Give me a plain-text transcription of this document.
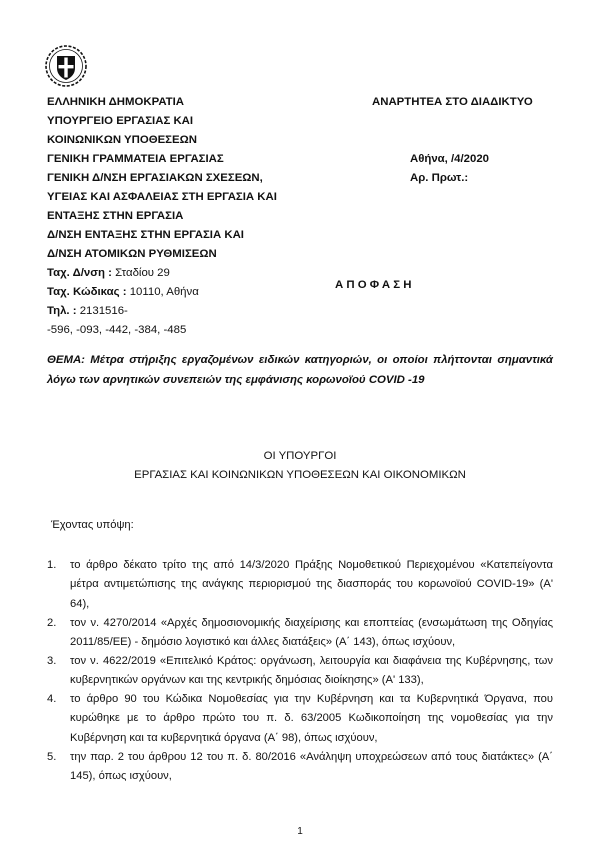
ΕΛΛΗΝΙΚΗ ΔΗΜΟΚΡΑΤΙΑ
ΥΠΟΥΡΓΕΙΟ ΕΡΓΑΣΙΑΣ ΚΑΙ
ΚΟΙΝΩΝΙΚΩΝ ΥΠΟΘΕΣΕΩΝ
ΓΕΝΙΚΗ ΓΡΑΜΜΑΤΕΙΑ ΕΡΓΑΣΙΑΣ
ΓΕΝΙΚΗ Δ/ΝΣΗ ΕΡΓΑΣΙΑΚΩΝ ΣΧΕΣΕΩΝ,
ΥΓΕΙΑΣ ΚΑΙ ΑΣΦΑΛΕΙΑΣ ΣΤΗ ΕΡΓΑΣΙΑ ΚΑΙ
ΕΝΤΑΞΗΣ ΣΤΗΝ ΕΡΓΑΣΙΑ
Δ/ΝΣΗ ΕΝΤΑΞΗΣ ΣΤΗΝ ΕΡΓΑΣΙΑ ΚΑΙ
Δ/ΝΣΗ ΑΤΟΜΙΚΩΝ ΡΥΘΜΙΣΕΩΝ
Ταχ. Δ/νση : Σταδίου 29
Ταχ. Κώδικας : 10110, Αθήνα
Τηλ. : 2131516-
-596, -093, -442, -384, -485
ΑΝΑΡΤΗΤΕΑ ΣΤΟ ΔΙΑΔΙΚΤΥΟ
Αθήνα, /4/2020
Αρ. Πρωτ.:
Α Π Ο Φ Α Σ Η
ΘΕΜΑ: Μέτρα στήριξης εργαζομένων ειδικών κατηγοριών, οι οποίοι πλήττονται σημαντικά λόγω των αρνητικών συνεπειών της εμφάνισης κορωνοϊού COVID -19
ΟΙ ΥΠΟΥΡΓΟΙ
ΕΡΓΑΣΙΑΣ ΚΑΙ ΚΟΙΝΩΝΙΚΩΝ ΥΠΟΘΕΣΕΩΝ ΚΑΙ ΟΙΚΟΝΟΜΙΚΩΝ
Έχοντας υπόψη:
1.	το άρθρο δέκατο τρίτο της από 14/3/2020 Πράξης Νομοθετικού Περιεχομένου «Κατεπείγοντα μέτρα αντιμετώπισης της ανάγκης περιορισμού της διασποράς του κορωνοϊού COVID-19» (Α' 64),
2.	τον ν. 4270/2014 «Αρχές δημοσιονομικής διαχείρισης και εποπτείας (ενσωμάτωση της Οδηγίας 2011/85/ΕΕ) - δημόσιο λογιστικό και άλλες διατάξεις» (Α΄ 143), όπως ισχύουν,
3.	τον ν. 4622/2019 «Επιτελικό Κράτος: οργάνωση, λειτουργία και διαφάνεια της Κυβέρνησης, των κυβερνητικών οργάνων και της κεντρικής δημόσιας διοίκησης» (Α' 133),
4.	το άρθρο 90 του Κώδικα Νομοθεσίας για την Κυβέρνηση και τα Κυβερνητικά Όργανα, που κυρώθηκε με το άρθρο πρώτο του π. δ. 63/2005 Κωδικοποίηση της νομοθεσίας για την Κυβέρνηση και τα κυβερνητικά όργανα (Α΄ 98), όπως ισχύουν,
5.	την παρ. 2 του άρθρου 12 του π. δ. 80/2016 «Ανάληψη υποχρεώσεων από τους διατάκτες» (Α΄ 145), όπως ισχύουν,
1
